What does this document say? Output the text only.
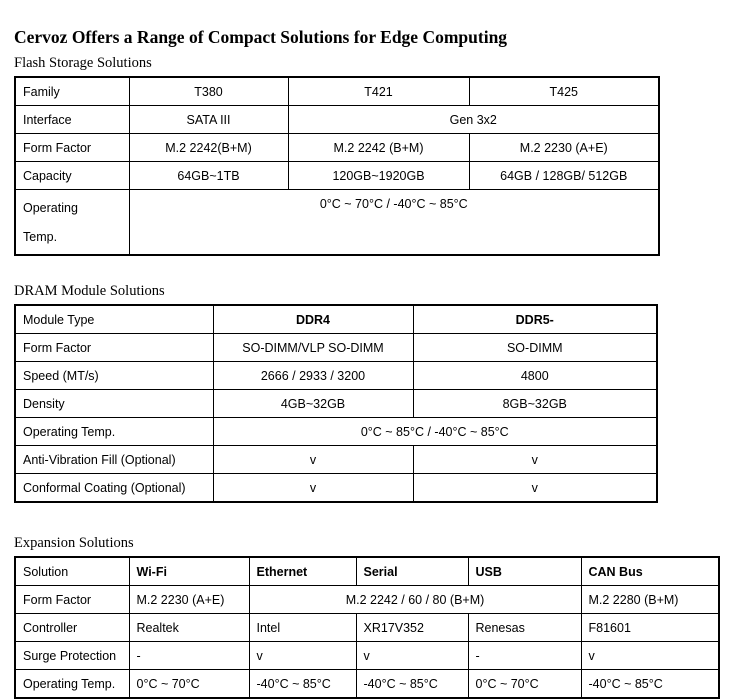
Cervoz Offers a Range of Compact Solutions for Edge Computing
Flash Storage Solutions
Family	T380	T421	T425
Interface	SATA III	Gen 3x2	
Form Factor	M.2 2242(B+M)	M.2 2242 (B+M)	M.2 2230 (A+E)
Capacity	64GB~1TB	120GB~1920GB	64GB / 128GB/ 512GB
Operating Temp.	0°C ~ 70°C / -40°C ~ 85°C		
DRAM Module Solutions
Module Type	DDR4	DDR5-
Form Factor	SO-DIMM/VLP SO-DIMM	SO-DIMM
Speed (MT/s)	2666 / 2933 / 3200	4800
Density	4GB~32GB	8GB~32GB
Operating Temp.	0°C ~ 85°C / -40°C ~ 85°C	
Anti-Vibration Fill (Optional)	v	v
Conformal Coating (Optional)	v	v
Expansion Solutions
Solution	Wi-Fi	Ethernet	Serial	USB	CAN Bus
Form Factor	M.2 2230 (A+E)	M.2 2242 / 60 / 80 (B+M)			M.2 2280 (B+M)
Controller	Realtek	Intel	XR17V352	Renesas	F81601
Surge Protection	-	v	v	-	v
Operating Temp.	0°C ~ 70°C	-40°C ~ 85°C	-40°C ~ 85°C	0°C ~ 70°C	-40°C ~ 85°C
